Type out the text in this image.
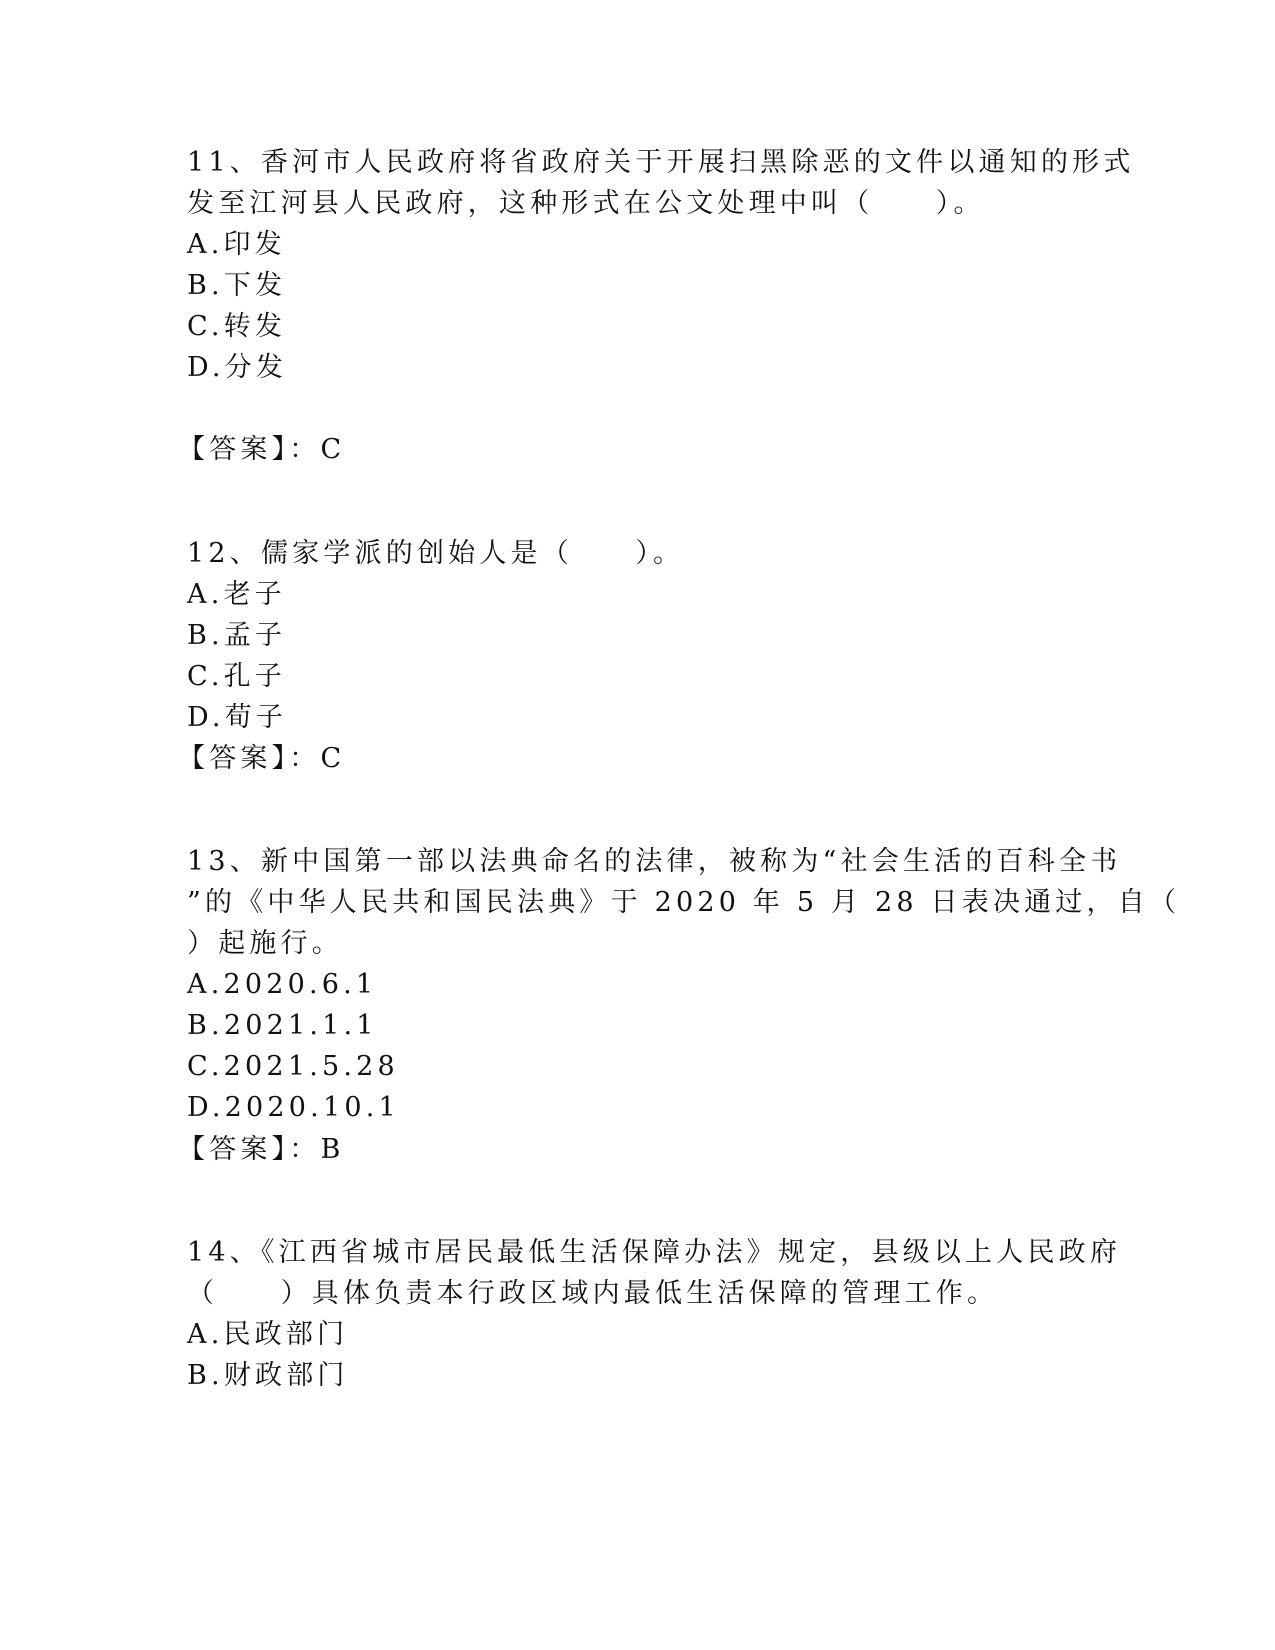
11、香河市人民政府将省政府关于开展扫黑除恶的文件以通知的形式
发至江河县人民政府，这种形式在公文处理中叫（　　）。
A.印发
B.下发
C.转发
D.分发
【答案】：C
12、儒家学派的创始人是（　　）。
A.老子
B.孟子
C.孔子
D.荀子
【答案】：C
13、新中国第一部以法典命名的法律，被称为“社会生活的百科全书
”的《中华人民共和国民法典》于 2020 年 5 月 28 日表决通过，自（
）起施行。
A.2020.6.1
B.2021.1.1
C.2021.5.28
D.2020.10.1
【答案】：B
14、《江西省城市居民最低生活保障办法》规定，县级以上人民政府
（　　）具体负责本行政区域内最低生活保障的管理工作。
A.民政部门
B.财政部门
